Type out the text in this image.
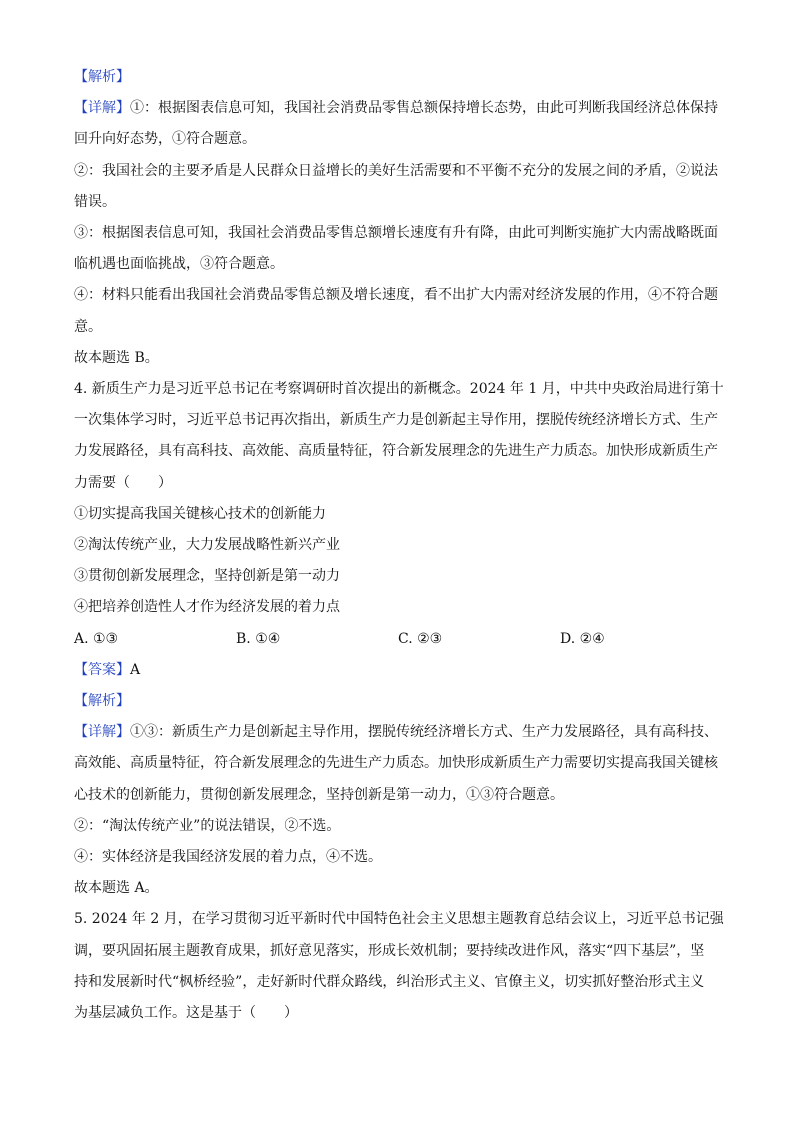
【解析】
【详解】①：根据图表信息可知，我国社会消费品零售总额保持增长态势，由此可判断我国经济总体保持
回升向好态势，①符合题意。
②：我国社会的主要矛盾是人民群众日益增长的美好生活需要和不平衡不充分的发展之间的矛盾，②说法
错误。
③：根据图表信息可知，我国社会消费品零售总额增长速度有升有降，由此可判断实施扩大内需战略既面
临机遇也面临挑战，③符合题意。
④：材料只能看出我国社会消费品零售总额及增长速度，看不出扩大内需对经济发展的作用，④不符合题
意。
故本题选 B。
4. 新质生产力是习近平总书记在考察调研时首次提出的新概念。2024 年 1 月，中共中央政治局进行第十
一次集体学习时，习近平总书记再次指出，新质生产力是创新起主导作用，摆脱传统经济增长方式、生产
力发展路径，具有高科技、高效能、高质量特征，符合新发展理念的先进生产力质态。加快形成新质生产
力需要（　　）
①切实提高我国关键核心技术的创新能力
②淘汰传统产业，大力发展战略性新兴产业
③贯彻创新发展理念，坚持创新是第一动力
④把培养创造性人才作为经济发展的着力点
A. ①③	B. ①④	C. ②③	D. ②④
【答案】A
【解析】
【详解】①③：新质生产力是创新起主导作用，摆脱传统经济增长方式、生产力发展路径，具有高科技、
高效能、高质量特征，符合新发展理念的先进生产力质态。加快形成新质生产力需要切实提高我国关键核
心技术的创新能力，贯彻创新发展理念，坚持创新是第一动力，①③符合题意。
②：“淘汰传统产业”的说法错误，②不选。
④：实体经济是我国经济发展的着力点，④不选。
故本题选 A。
5. 2024 年 2 月，在学习贯彻习近平新时代中国特色社会主义思想主题教育总结会议上，习近平总书记强
调，要巩固拓展主题教育成果，抓好意见落实，形成长效机制；要持续改进作风，落实“四下基层”，坚
持和发展新时代“枫桥经验”，走好新时代群众路线，纠治形式主义、官僚主义，切实抓好整治形式主义
为基层减负工作。这是基于（　　）
